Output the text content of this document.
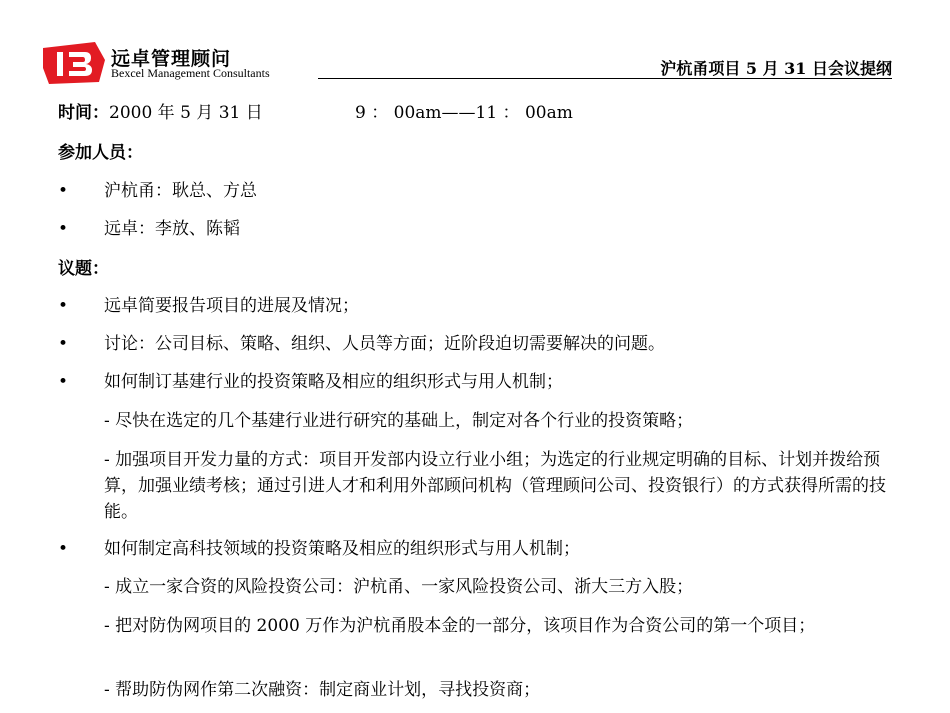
远卓管理顾问
Bexcel Management Consultants	沪杭甬项目 5 月 31 日会议提纲
时间：2000 年 5 月 31 日	9 ： 00am——11 ： 00am
参加人员：
• 沪杭甬：耿总、方总
• 远卓：李放、陈韬
议题：
• 远卓简要报告项目的进展及情况；
• 讨论：公司目标、策略、组织、人员等方面；近阶段迫切需要解决的问题。
• 如何制订基建行业的投资策略及相应的组织形式与用人机制；
- 尽快在选定的几个基建行业进行研究的基础上，制定对各个行业的投资策略；
- 加强项目开发力量的方式：项目开发部内设立行业小组；为选定的行业规定明确的目标、计划并拨给预算，加强业绩考核；通过引进人才和利用外部顾问机构（管理顾问公司、投资银行）的方式获得所需的技能。
• 如何制定高科技领域的投资策略及相应的组织形式与用人机制；
- 成立一家合资的风险投资公司：沪杭甬、一家风险投资公司、浙大三方入股；
- 把对防伪网项目的 2000 万作为沪杭甬股本金的一部分，该项目作为合资公司的第一个项目；
- 帮助防伪网作第二次融资：制定商业计划，寻找投资商；
